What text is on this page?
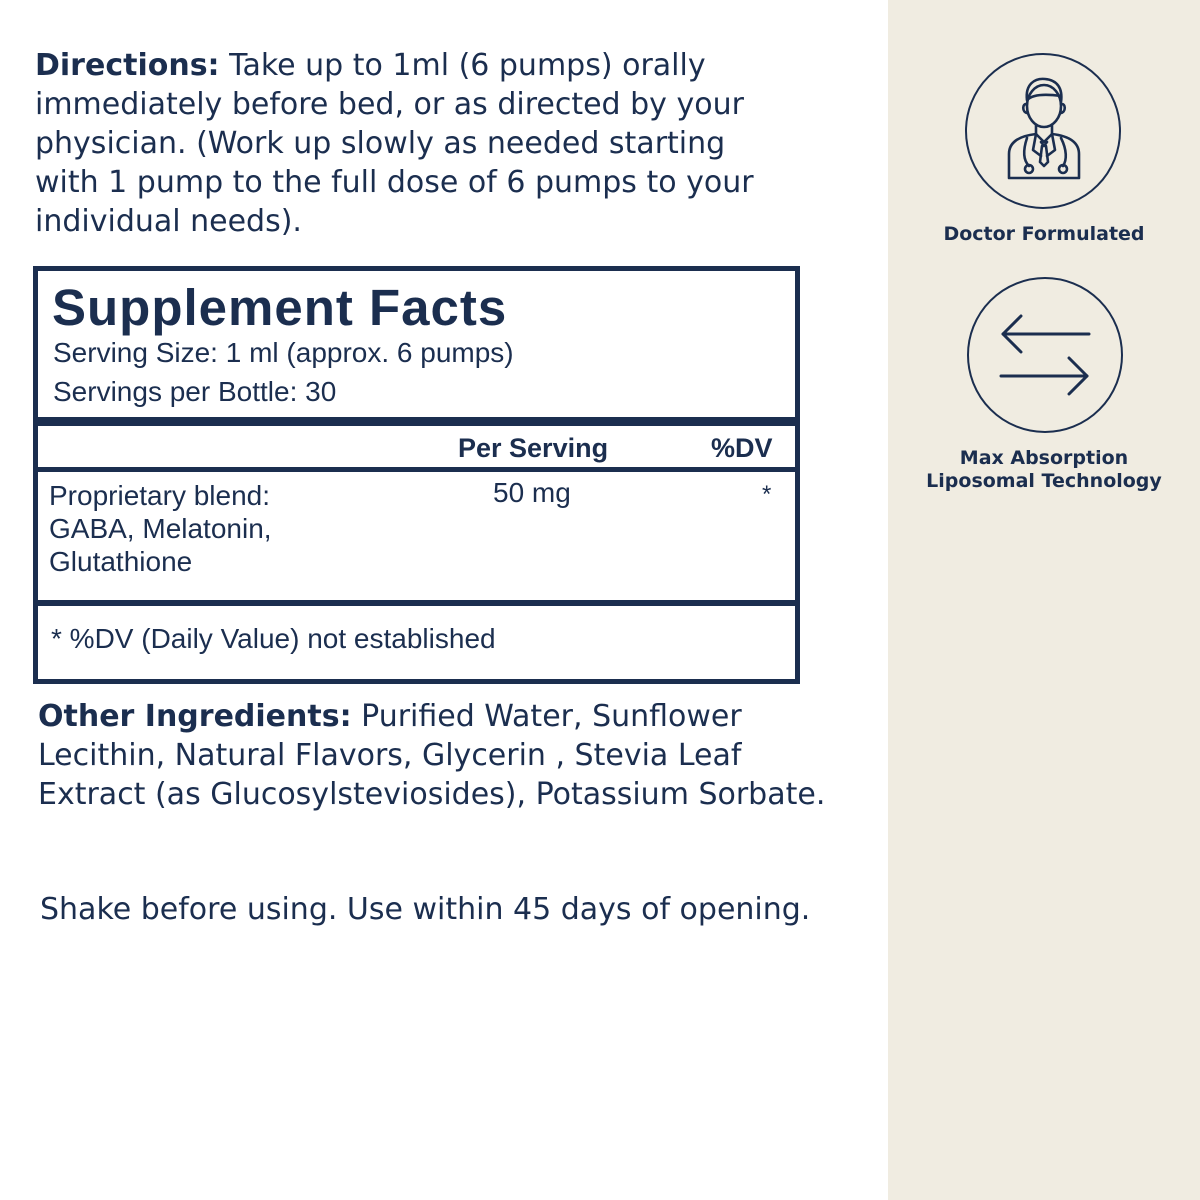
Directions: Take up to 1ml (6 pumps) orally immediately before bed, or as directed by your physician. (Work up slowly as needed starting with 1 pump to the full dose of 6 pumps to your individual needs).

Supplement Facts
Serving Size: 1 ml (approx. 6 pumps)
Servings per Bottle: 30
Per Serving	%DV
Proprietary blend:
GABA, Melatonin,
Glutathione
50 mg	*
* %DV (Daily Value) not established

Other Ingredients: Purified Water, Sunflower Lecithin, Natural Flavors, Glycerin , Stevia Leaf Extract (as Glucosylsteviosides), Potassium Sorbate.

Shake before using. Use within 45 days of opening.

Doctor Formulated
Max Absorption
Liposomal Technology
